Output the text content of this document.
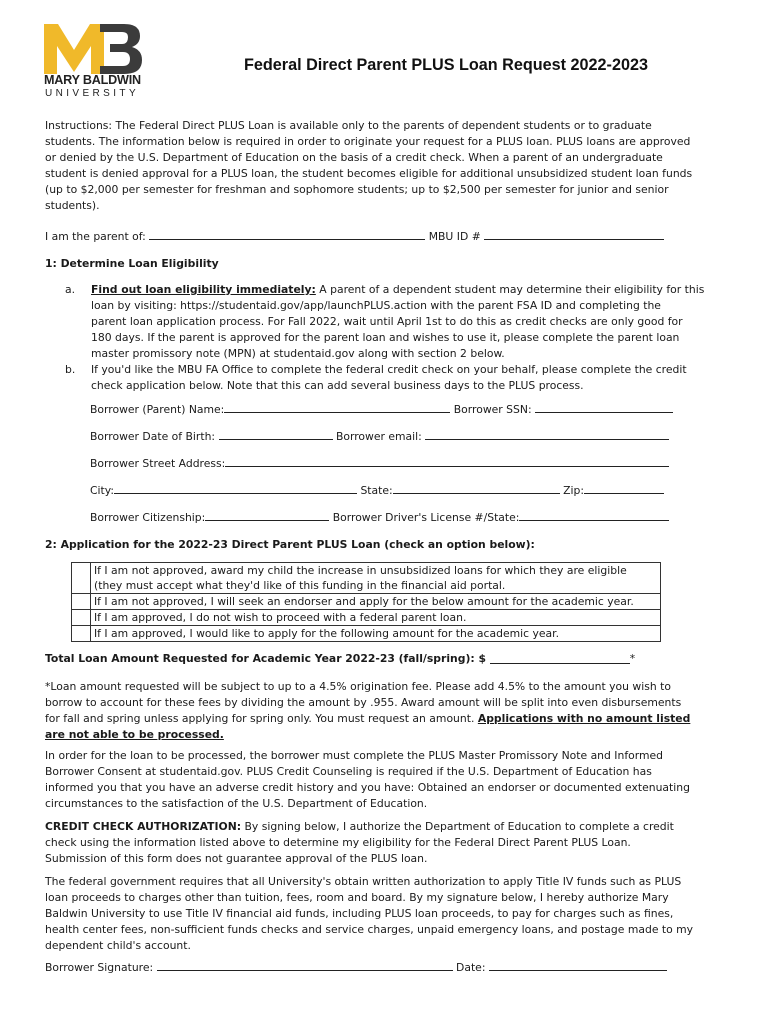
MARY BALDWIN
UNIVERSITY
Federal Direct Parent PLUS Loan Request 2022-2023
Instructions: The Federal Direct PLUS Loan is available only to the parents of dependent students or to graduate
students. The information below is required in order to originate your request for a PLUS loan. PLUS loans are approved
or denied by the U.S. Department of Education on the basis of a credit check. When a parent of an undergraduate
student is denied approval for a PLUS loan, the student becomes eligible for additional unsubsidized student loan funds
(up to $2,000 per semester for freshman and sophomore students; up to $2,500 per semester for junior and senior
students).
I am the parent of:	MBU ID #
1: Determine Loan Eligibility
a. Find out loan eligibility immediately: A parent of a dependent student may determine their eligibility for this
loan by visiting: https://studentaid.gov/app/launchPLUS.action with the parent FSA ID and completing the
parent loan application process. For Fall 2022, wait until April 1st to do this as credit checks are only good for
180 days. If the parent is approved for the parent loan and wishes to use it, please complete the parent loan
master promissory note (MPN) at studentaid.gov along with section 2 below.
b. If you'd like the MBU FA Office to complete the federal credit check on your behalf, please complete the credit
check application below. Note that this can add several business days to the PLUS process.
Borrower (Parent) Name:	Borrower SSN:
Borrower Date of Birth:	Borrower email:
Borrower Street Address:
City:	State:	Zip:
Borrower Citizenship:	Borrower Driver's License #/State:
2: Application for the 2022-23 Direct Parent PLUS Loan (check an option below):

	If I am not approved, award my child the increase in unsubsidized loans for which they are eligible
(they must accept what they'd like of this funding in the financial aid portal.

	If I am not approved, I will seek an endorser and apply for the below amount for the academic year.
	If I am approved, I do not wish to proceed with a federal parent loan.
	If I am approved, I would like to apply for the following amount for the academic year.
Total Loan Amount Requested for Academic Year 2022-23 (fall/spring): $	*
*Loan amount requested will be subject to up to a 4.5% origination fee. Please add 4.5% to the amount you wish to
borrow to account for these fees by dividing the amount by .955. Award amount will be split into even disbursements
for fall and spring unless applying for spring only. You must request an amount. Applications with no amount listed
are not able to be processed.
In order for the loan to be processed, the borrower must complete the PLUS Master Promissory Note and Informed
Borrower Consent at studentaid.gov. PLUS Credit Counseling is required if the U.S. Department of Education has
informed you that you have an adverse credit history and you have: Obtained an endorser or documented extenuating
circumstances to the satisfaction of the U.S. Department of Education.
CREDIT CHECK AUTHORIZATION: By signing below, I authorize the Department of Education to complete a credit
check using the information listed above to determine my eligibility for the Federal Direct Parent PLUS Loan.
Submission of this form does not guarantee approval of the PLUS loan.
The federal government requires that all University's obtain written authorization to apply Title IV funds such as PLUS
loan proceeds to charges other than tuition, fees, room and board. By my signature below, I hereby authorize Mary
Baldwin University to use Title IV financial aid funds, including PLUS loan proceeds, to pay for charges such as fines,
health center fees, non-sufficient funds checks and service charges, unpaid emergency loans, and postage made to my
dependent child's account.
Borrower Signature:	Date:
